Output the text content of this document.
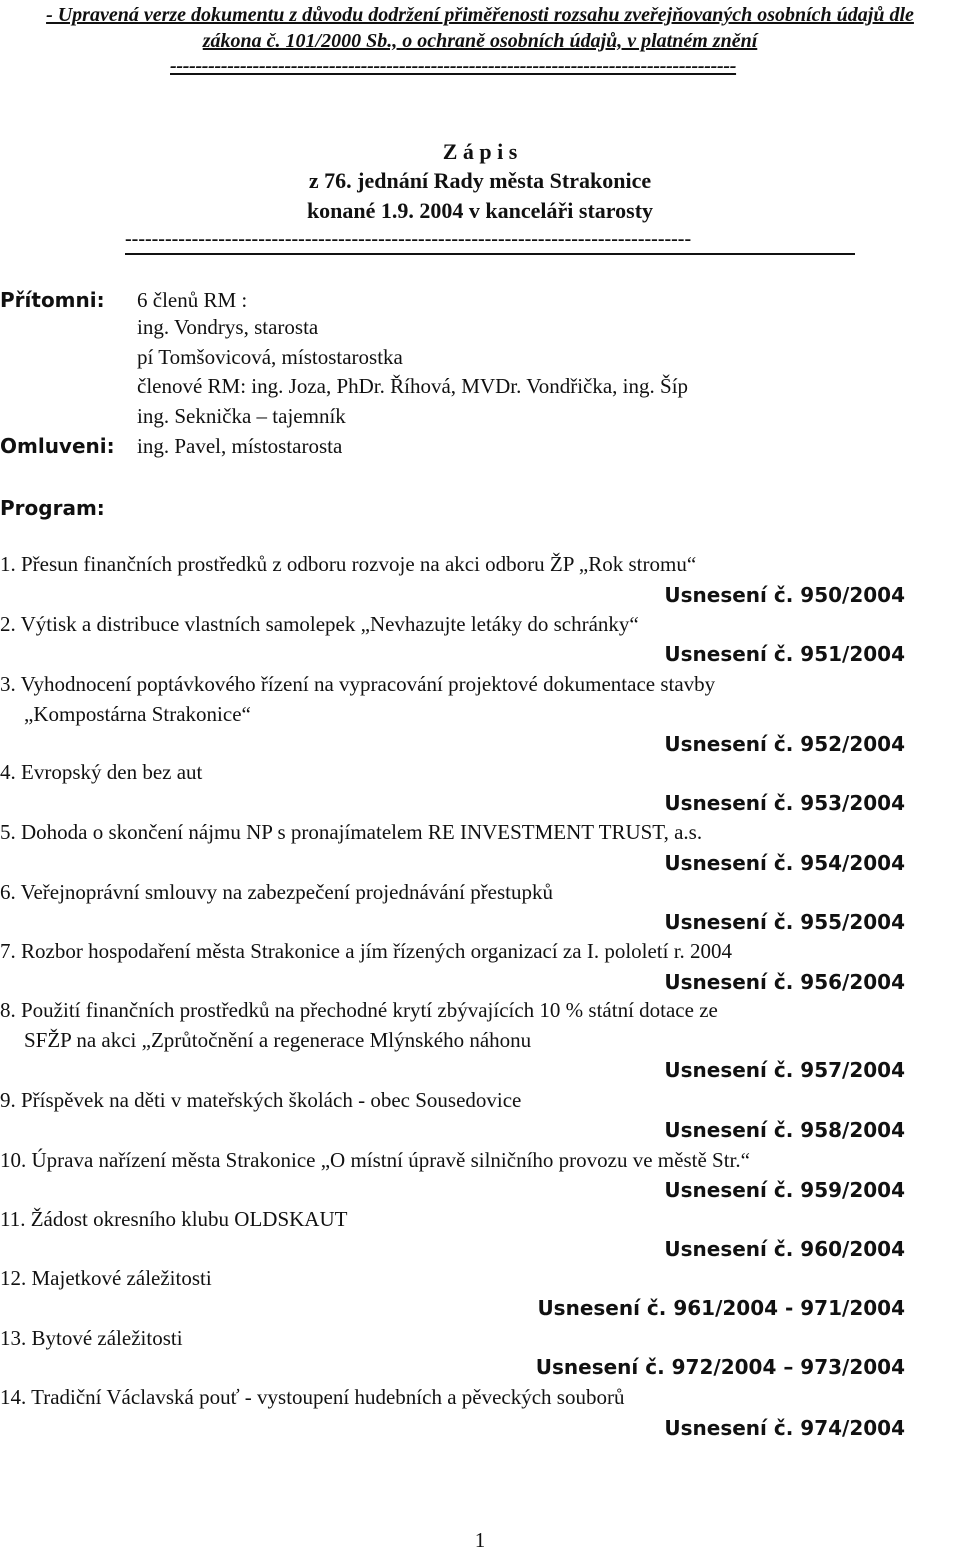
- Upravená verze dokumentu z důvodu dodržení přiměřenosti rozsahu zveřejňovaných osobních údajů dle
zákona č. 101/2000 Sb., o ochraně osobních údajů, v platném znění
-----------------------------------------------------------------------------------------
Z á p i s
z 76. jednání Rady města Strakonice
konané 1.9. 2004 v kanceláři starosty
-------------------------------------------------------------------------------------
Přítomni: 6 členů RM :
ing. Vondrys, starosta
pí Tomšovicová, místostarostka
členové RM: ing. Joza, PhDr. Říhová, MVDr. Vondřička, ing. Šíp
ing. Seknička – tajemník
Omluveni: ing. Pavel, místostarosta
Program:
1. Přesun finančních prostředků z odboru rozvoje na akci odboru ŽP „Rok stromu“
Usnesení č. 950/2004
2. Výtisk a distribuce vlastních samolepek „Nevhazujte letáky do schránky“
Usnesení č. 951/2004
3. Vyhodnocení poptávkového řízení na vypracování projektové dokumentace stavby
„Kompostárna Strakonice“
Usnesení č. 952/2004
4. Evropský den bez aut
Usnesení č. 953/2004
5. Dohoda o skončení nájmu NP s pronajímatelem RE INVESTMENT TRUST, a.s.
Usnesení č. 954/2004
6. Veřejnoprávní smlouvy na zabezpečení projednávání přestupků
Usnesení č. 955/2004
7. Rozbor hospodaření města Strakonice a jím řízených organizací za I. pololetí r. 2004
Usnesení č. 956/2004
8. Použití finančních prostředků na přechodné krytí zbývajících 10 % státní dotace ze
SFŽP na akci „Zprůtočnění a regenerace Mlýnského náhonu
Usnesení č. 957/2004
9. Příspěvek na děti v mateřských školách - obec Sousedovice
Usnesení č. 958/2004
10. Úprava nařízení města Strakonice „O místní úpravě silničního provozu ve městě Str.“
Usnesení č. 959/2004
11. Žádost okresního klubu OLDSKAUT
Usnesení č. 960/2004
12. Majetkové záležitosti
Usnesení č. 961/2004 - 971/2004
13. Bytové záležitosti
Usnesení č. 972/2004 – 973/2004
14. Tradiční Václavská pouť - vystoupení hudebních a pěveckých souborů
Usnesení č. 974/2004
1
